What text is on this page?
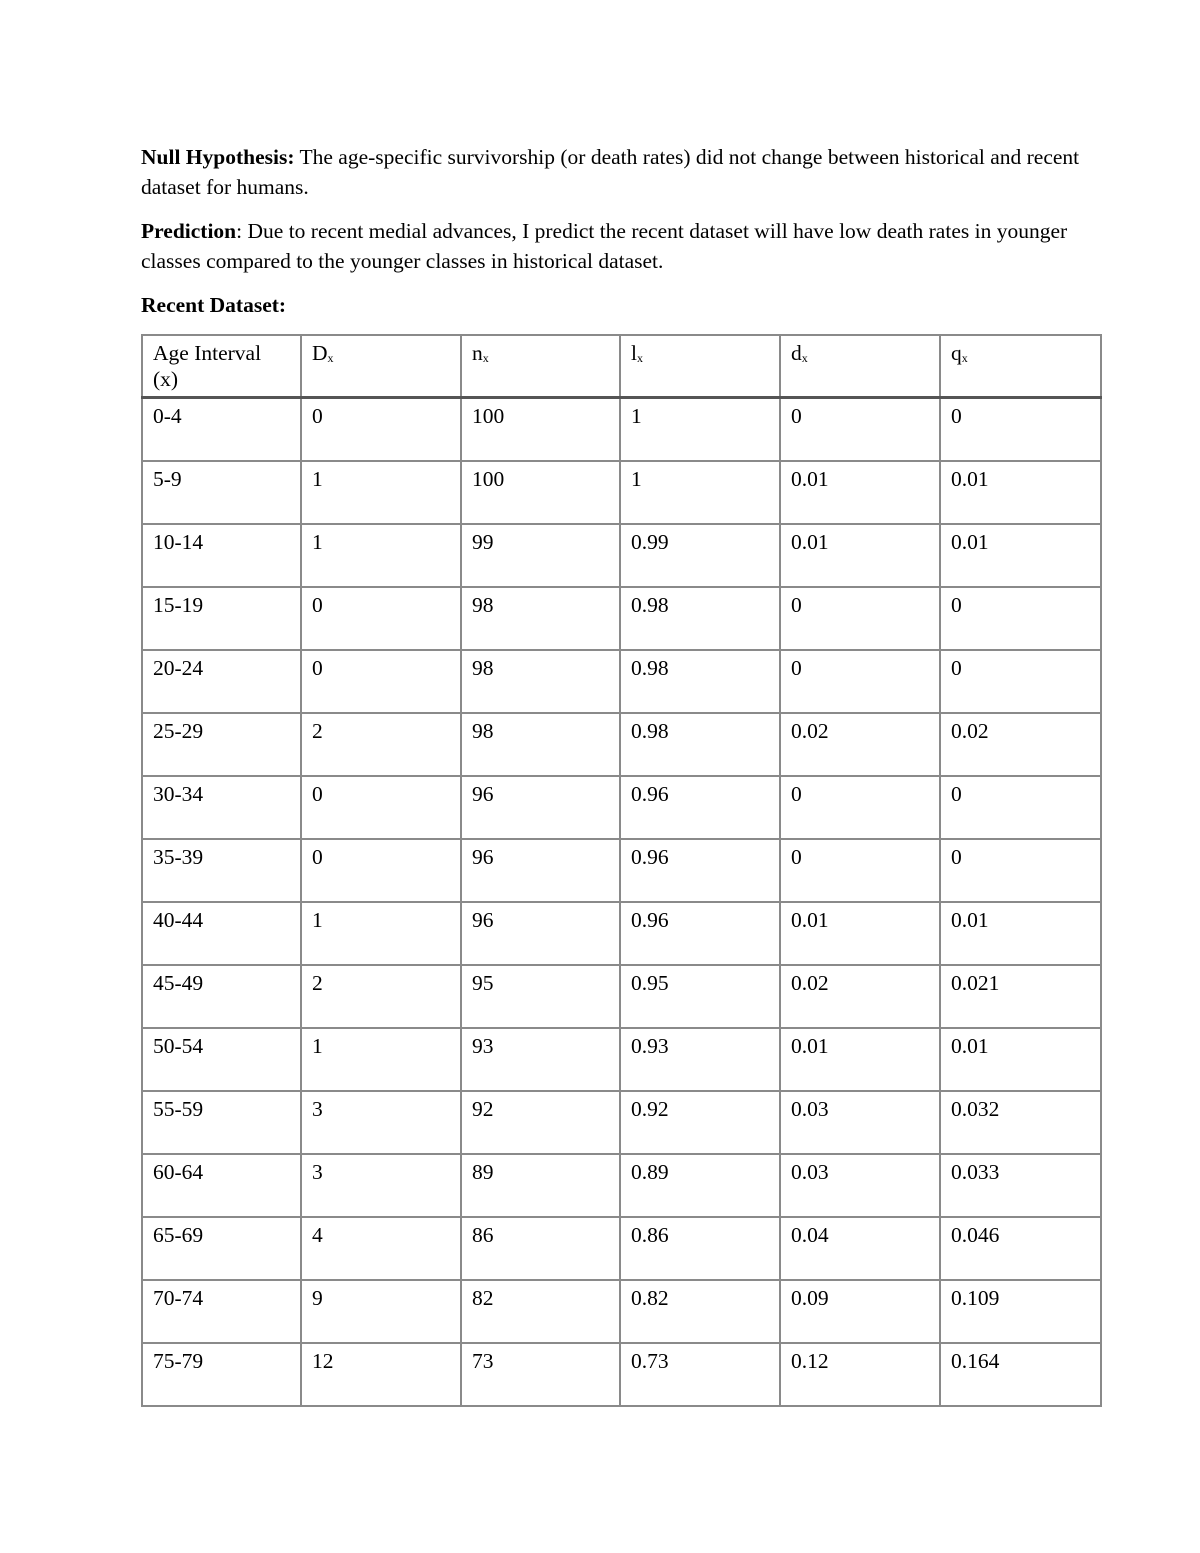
Null Hypothesis: The age-specific survivorship (or death rates) did not change between historical and recent dataset for humans.

Prediction: Due to recent medial advances, I predict the recent dataset will have low death rates in younger classes compared to the younger classes in historical dataset.

Recent Dataset:

Age Interval (x)	Dx	nx	lx	dx	qx
0-4	0	100	1	0	0
5-9	1	100	1	0.01	0.01
10-14	1	99	0.99	0.01	0.01
15-19	0	98	0.98	0	0
20-24	0	98	0.98	0	0
25-29	2	98	0.98	0.02	0.02
30-34	0	96	0.96	0	0
35-39	0	96	0.96	0	0
40-44	1	96	0.96	0.01	0.01
45-49	2	95	0.95	0.02	0.021
50-54	1	93	0.93	0.01	0.01
55-59	3	92	0.92	0.03	0.032
60-64	3	89	0.89	0.03	0.033
65-69	4	86	0.86	0.04	0.046
70-74	9	82	0.82	0.09	0.109
75-79	12	73	0.73	0.12	0.164
